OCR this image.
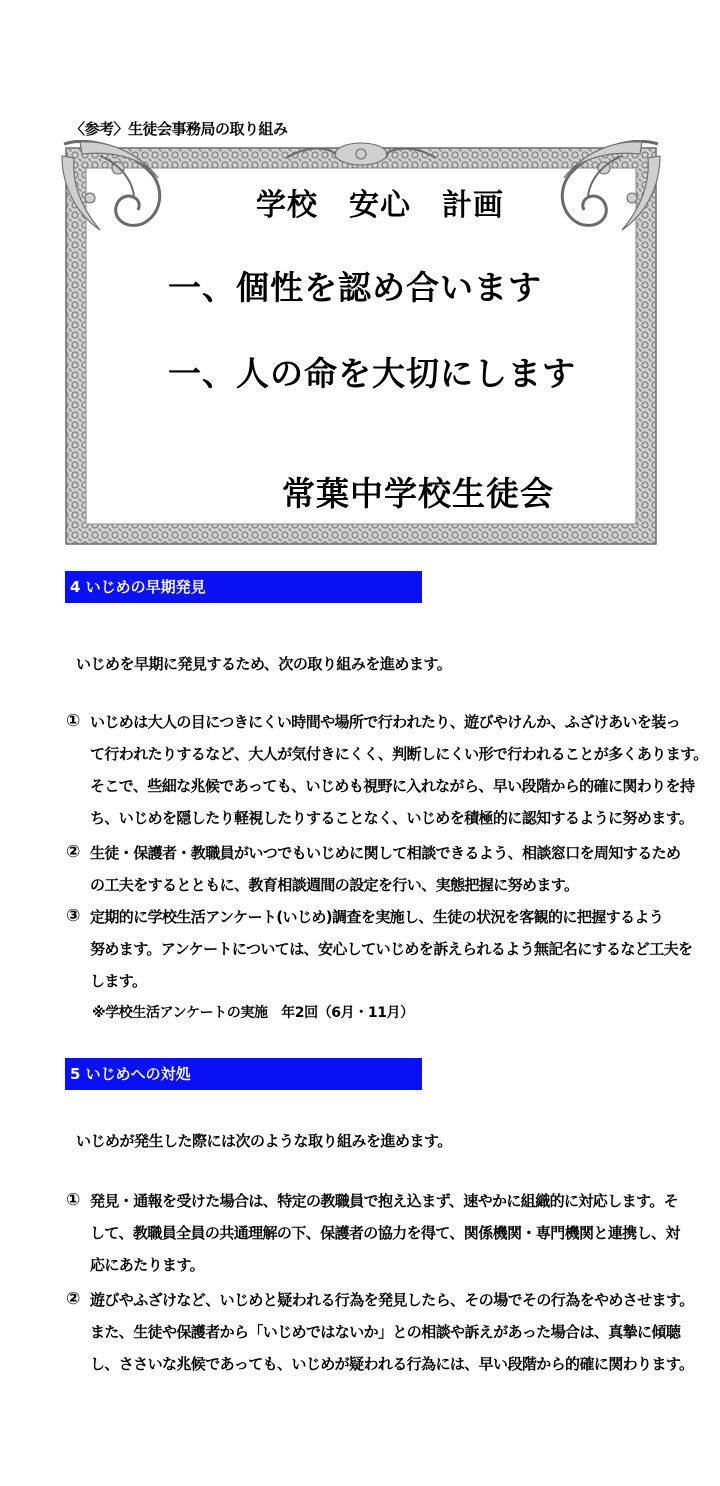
〈参考〉生徒会事務局の取り組み
学校　安心　計画
一、個性を認め合います
一、人の命を大切にします
常葉中学校生徒会
4 いじめの早期発見
いじめを早期に発見するため、次の取り組みを進めます。
① いじめは大人の目につきにくい時間や場所で行われたり、遊びやけんか、ふざけあいを装っ
て行われたりするなど、大人が気付きにくく、判断しにくい形で行われることが多くあります。
そこで、些細な兆候であっても、いじめも視野に入れながら、早い段階から的確に関わりを持
ち、いじめを隠したり軽視したりすることなく、いじめを積極的に認知するように努めます。
② 生徒・保護者・教職員がいつでもいじめに関して相談できるよう、相談窓口を周知するため
の工夫をするとともに、教育相談週間の設定を行い、実態把握に努めます。
③ 定期的に学校生活アンケート(いじめ)調査を実施し、生徒の状況を客観的に把握するよう
努めます。アンケートについては、安心していじめを訴えられるよう無記名にするなど工夫を
します。
※学校生活アンケートの実施　年2回（6月・11月）
5 いじめへの対処
いじめが発生した際には次のような取り組みを進めます。
① 発見・通報を受けた場合は、特定の教職員で抱え込まず、速やかに組織的に対応します。そ
して、教職員全員の共通理解の下、保護者の協力を得て、関係機関・専門機関と連携し、対
応にあたります。
② 遊びやふざけなど、いじめと疑われる行為を発見したら、その場でその行為をやめさせます。
また、生徒や保護者から「いじめではないか」との相談や訴えがあった場合は、真摯に傾聴
し、ささいな兆候であっても、いじめが疑われる行為には、早い段階から的確に関わります。
